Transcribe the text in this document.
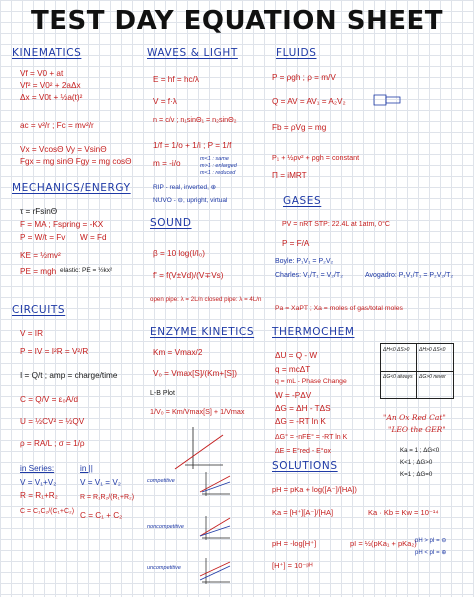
TEST DAY EQUATION SHEET
KINEMATICS
Vf = V0 + at
Vf² = V0² + 2aΔx
Δx = V0t + ½a(t)²
ac = v²/r ; Fc = mv²/r
Vx = VcosΘ Vy = VsinΘ
Fgx = mg sinΘ Fgy = mg cosΘ
MECHANICS/ENERGY
τ = rFsinΘ
F = MA ; Fspring = -KX
P = W/t = Fv W = Fd
KE = ½mv²
PE = mgh elastic: PE = ½kx²
CIRCUITS
V = IR
P = IV = I²R = V²/R
I = Q/t ; amp = charge/time
C = Q/V = ε₀A/d
U = ½CV² = ½QV
ρ = RA/L ; σ = 1/ρ
in Series:	in ||
V = V₁+V₂
R = R₁+R₂
C = C₁C₂/(C₁+C₂)
V = V₁ = V₂
R = R₁R₂/(R₁+R₂)
C = C₁ + C₂
WAVES & LIGHT
E = hf = hc/λ
V = f·λ
n = c/v ; n₁sinΘ₁ = n₂sinΘ₂
1/f = 1/o + 1/i ; P = 1/f
m = -i/o	m<1 : same
m>1 : enlarged
m<1 : reduced
RIP - real, inverted, ⊕
NUVO - ⊖, upright, virtual
SOUND
β = 10 log(I/I₀)
f' = f(V±Vd)/(V∓Vs)
open pipe: λ = 2L/n closed pipe: λ = 4L/n
ENZYME KINETICS
Km = Vmax/2
V₀ = Vmax[S]/(Km+[S])
L-B Plot
1/V₀ = Km/Vmax[S] + 1/Vmax
competitive
noncompetitive
uncompetitive
FLUIDS
P = ρgh ; ρ = m/V
Q = AV = AV₁ = A₂V₂
Fb = ρVg = mg
P₁ + ½ρv² + ρgh = constant
Π = iMRT
GASES
PV = nRT STP: 22.4L at 1atm, 0°C
P = F/A
Boyle: P₁V₁ = P₂V₂
Charles: V₁/T₁ = V₂/T₂	Avogadro: P₁V₁/T₁ = P₂V₂/T₂
Pa = XaPT ; Xa = moles of gas/total moles
THERMOCHEM
ΔU = Q - W
q = mcΔT
q = mL - Phase Change
W = -PΔV
ΔG = ΔH - TΔS
ΔG = -RT ln K
ΔG° = -nFE° = -RT ln K
ΔE = E°red - E°ox
ΔH<0 ΔS>0 ΔH>0 ΔS<0
ΔG<0 always ΔG>0 never
"An Ox Red Cat"
"LEO the GER"
Ka = 1 ; ΔG<0
K<1 ; ΔG>0
K=1 ; ΔG=0
SOLUTIONS
pH = pKa + log([A⁻]/[HA])
Ka = [H⁺][A⁻]/[HA]	Ka · Kb = Kw = 10⁻¹⁴
pH = -log[H⁺]	pI = ½(pKa₁ + pKa₂)
[H⁺] = 10⁻ᵖᴴ
pH > pI = ⊖
pH < pI = ⊕
